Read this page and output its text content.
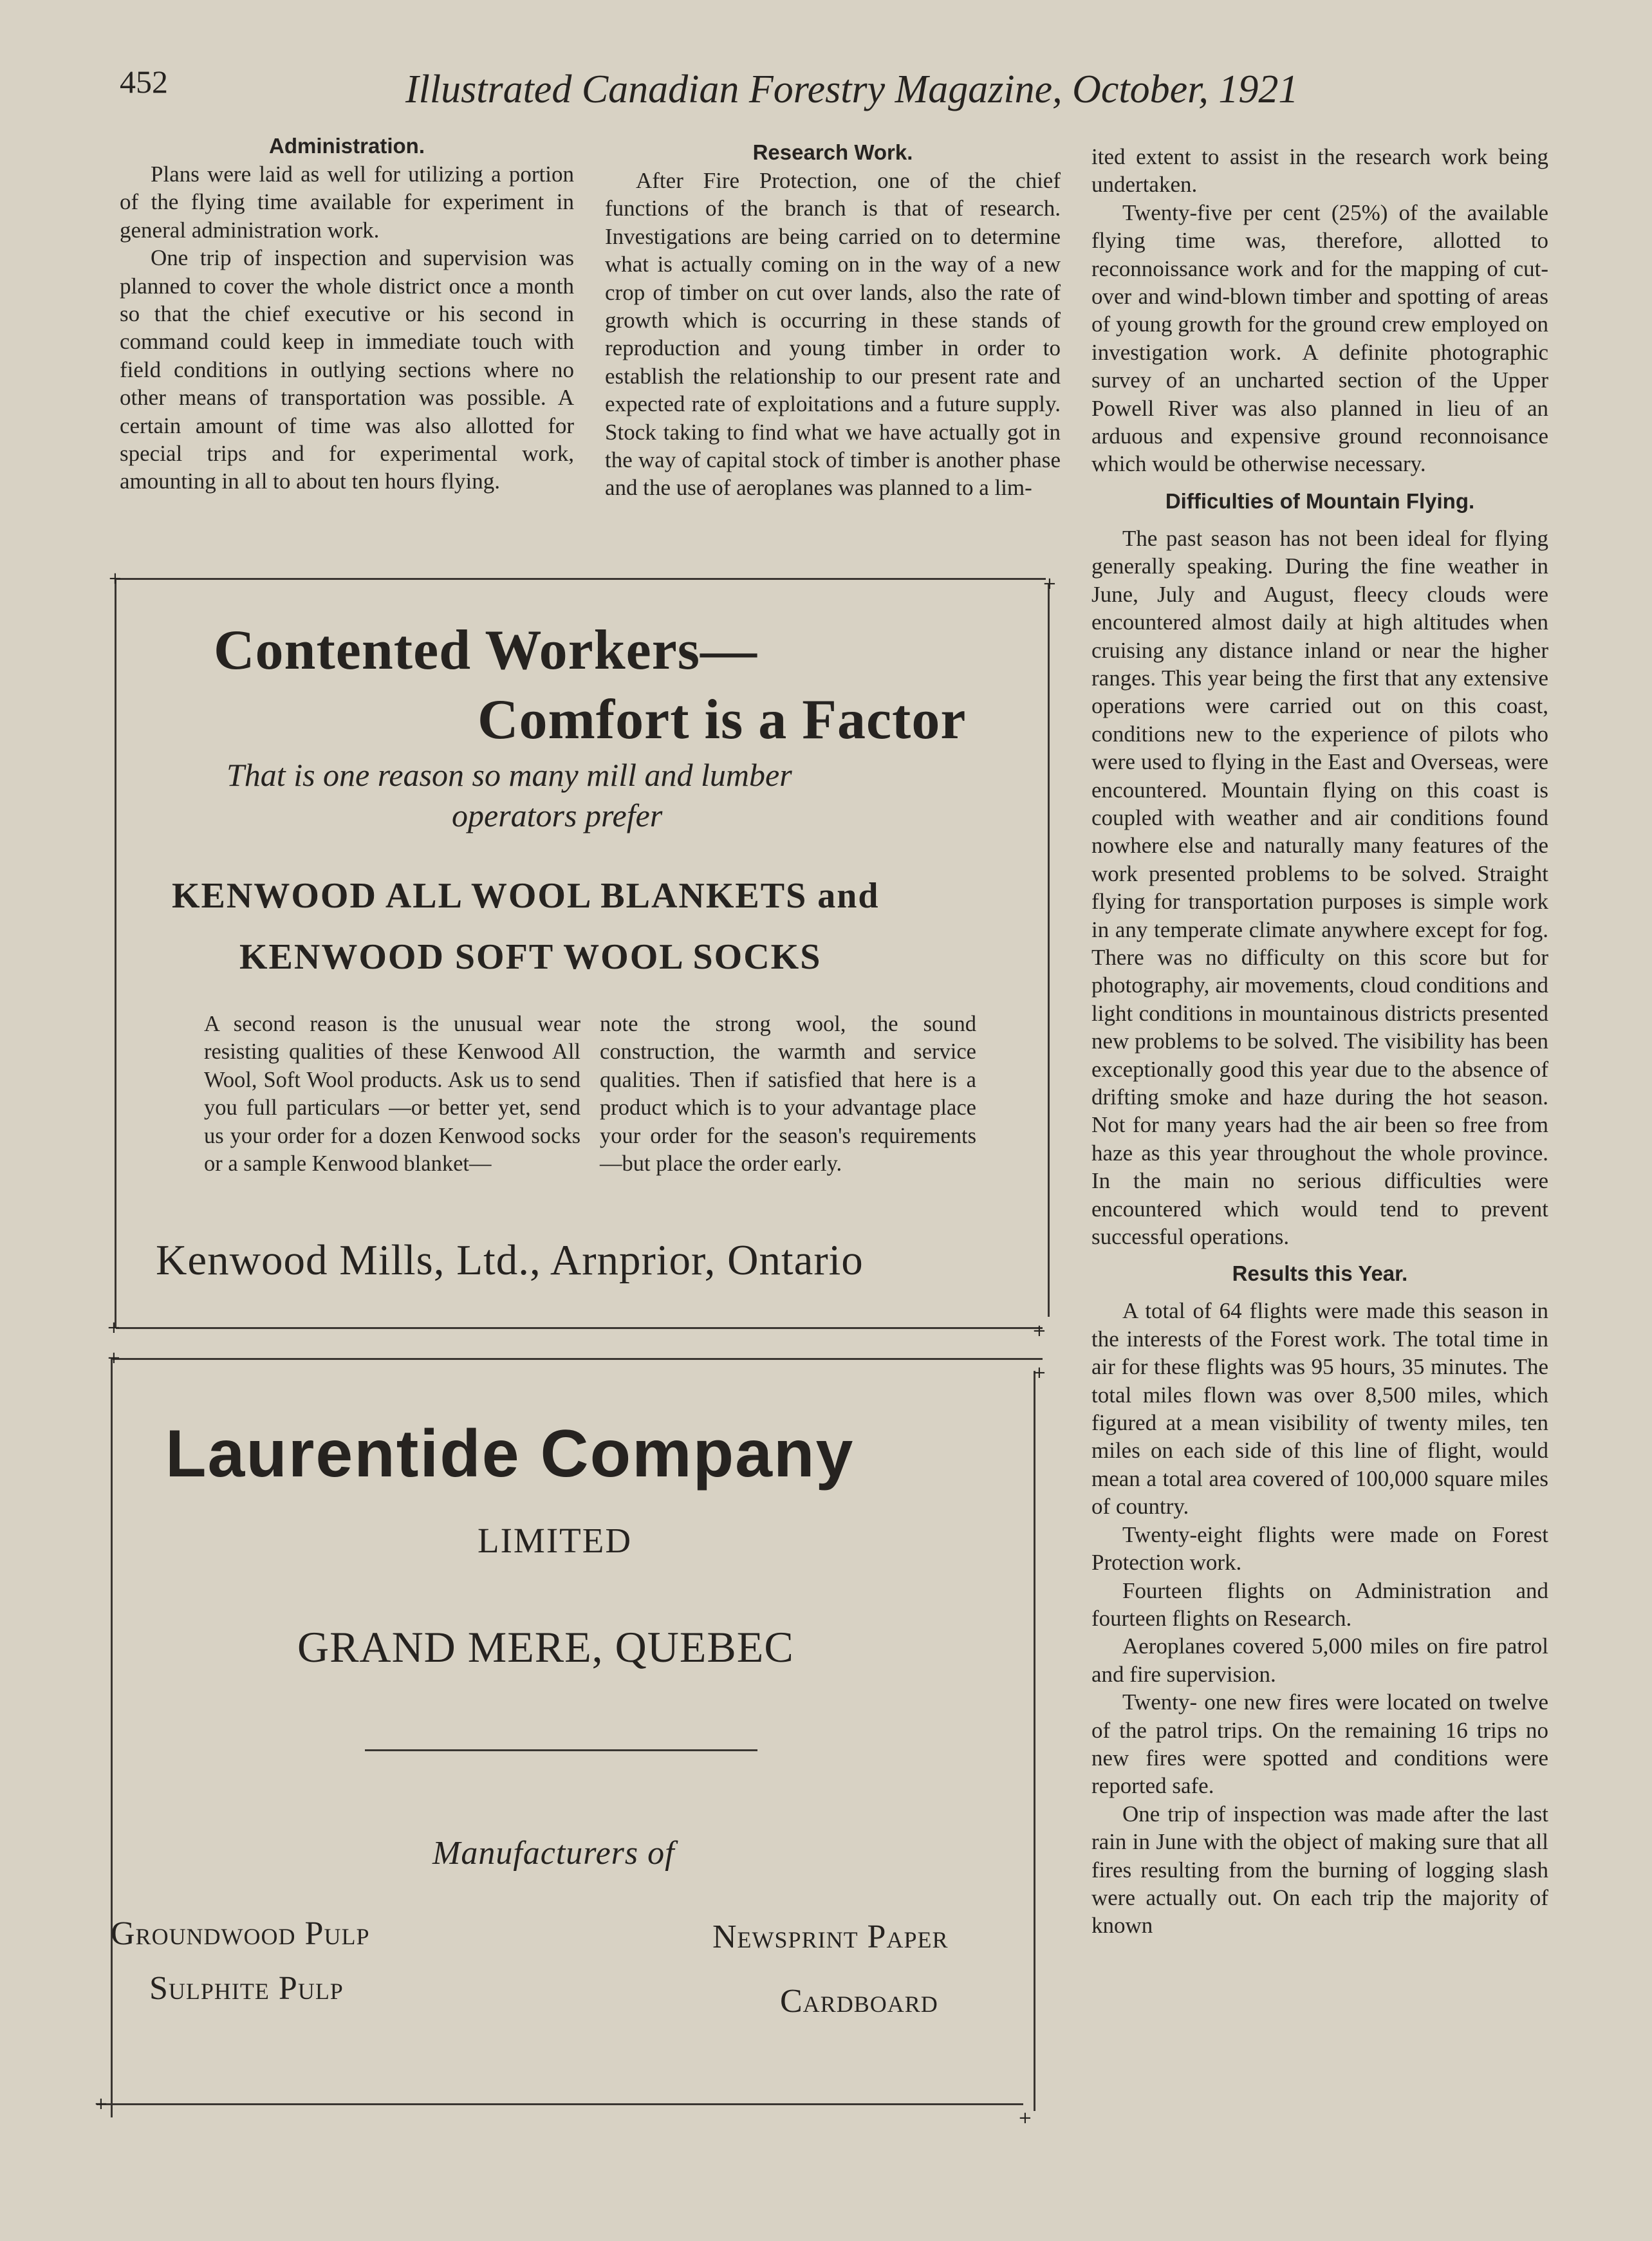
452	Illustrated Canadian Forestry Magazine, October, 1921

Administration.

Plans were laid as well for utilizing a portion of the flying time available for experiment in general administration work.

One trip of inspection and supervision was planned to cover the whole district once a month so that the chief executive or his second in command could keep in immediate touch with field conditions in outlying sections where no other means of transportation was possible. A certain amount of time was also allotted for special trips and for experimental work, amounting in all to about ten hours flying.

Research Work.

After Fire Protection, one of the chief functions of the branch is that of research. Investigations are being carried on to determine what is actually coming on in the way of a new crop of timber on cut over lands, also the rate of growth which is occurring in these stands of reproduction and young timber in order to establish the relationship to our present rate and expected rate of exploitations and a future supply. Stock taking to find what we have actually got in the way of capital stock of timber is another phase and the use of aeroplanes was planned to a lim-

ited extent to assist in the research work being undertaken.

Twenty-five per cent (25%) of the available flying time was, therefore, allotted to reconnoissance work and for the mapping of cut-over and wind-blown timber and spotting of areas of young growth for the ground crew employed on investigation work. A definite photographic survey of an uncharted section of the Upper Powell River was also planned in lieu of an arduous and expensive ground reconnoisance which would be otherwise necessary.

Difficulties of Mountain Flying.

The past season has not been ideal for flying generally speaking. During the fine weather in June, July and August, fleecy clouds were encountered almost daily at high altitudes when cruising any distance inland or near the higher ranges. This year being the first that any extensive operations were carried out on this coast, conditions new to the experience of pilots who were used to flying in the East and Overseas, were encountered. Mountain flying on this coast is coupled with weather and air conditions found nowhere else and naturally many features of the work presented problems to be solved. Straight flying for transportation purposes is simple work in any temperate climate anywhere except for fog. There was no difficulty on this score but for photography, air movements, cloud conditions and light conditions in mountainous districts presented new problems to be solved. The visibility has been exceptionally good this year due to the absence of drifting smoke and haze during the hot season. Not for many years had the air been so free from haze as this year throughout the whole province. In the main no serious difficulties were encountered which would tend to prevent successful operations.

Results this Year.

A total of 64 flights were made this season in the interests of the Forest work. The total time in air for these flights was 95 hours, 35 minutes. The total miles flown was over 8,500 miles, which figured at a mean visibility of twenty miles, ten miles on each side of this line of flight, would mean a total area covered of 100,000 square miles of country.

Twenty-eight flights were made on Forest Protection work.

Fourteen flights on Administration and fourteen flights on Research.

Aeroplanes covered 5,000 miles on fire patrol and fire supervision.

Twenty- one new fires were located on twelve of the patrol trips. On the remaining 16 trips no new fires were spotted and conditions were reported safe.

One trip of inspection was made after the last rain in June with the object of making sure that all fires resulting from the burning of logging slash were actually out. On each trip the majority of known

Contented Workers—
Comfort is a Factor
That is one reason so many mill and lumber
operators prefer
KENWOOD ALL WOOL BLANKETS and
KENWOOD SOFT WOOL SOCKS
A second reason is the unusual wear resisting qualities of these Kenwood All Wool, Soft Wool products. Ask us to send you full particulars —or better yet, send us your order for a dozen Kenwood socks or a sample Kenwood blanket—
note the strong wool, the sound construction, the warmth and service qualities. Then if satisfied that here is a product which is to your advantage place your order for the season's requirements—but place the order early.
Kenwood Mills, Ltd., Arnprior, Ontario
Laurentide Company
LIMITED
GRAND MERE, QUEBEC
Manufacturers of
Groundwood Pulp	Newsprint Paper
Sulphite Pulp	Cardboard
+	+
+	+
+
+
+
+
